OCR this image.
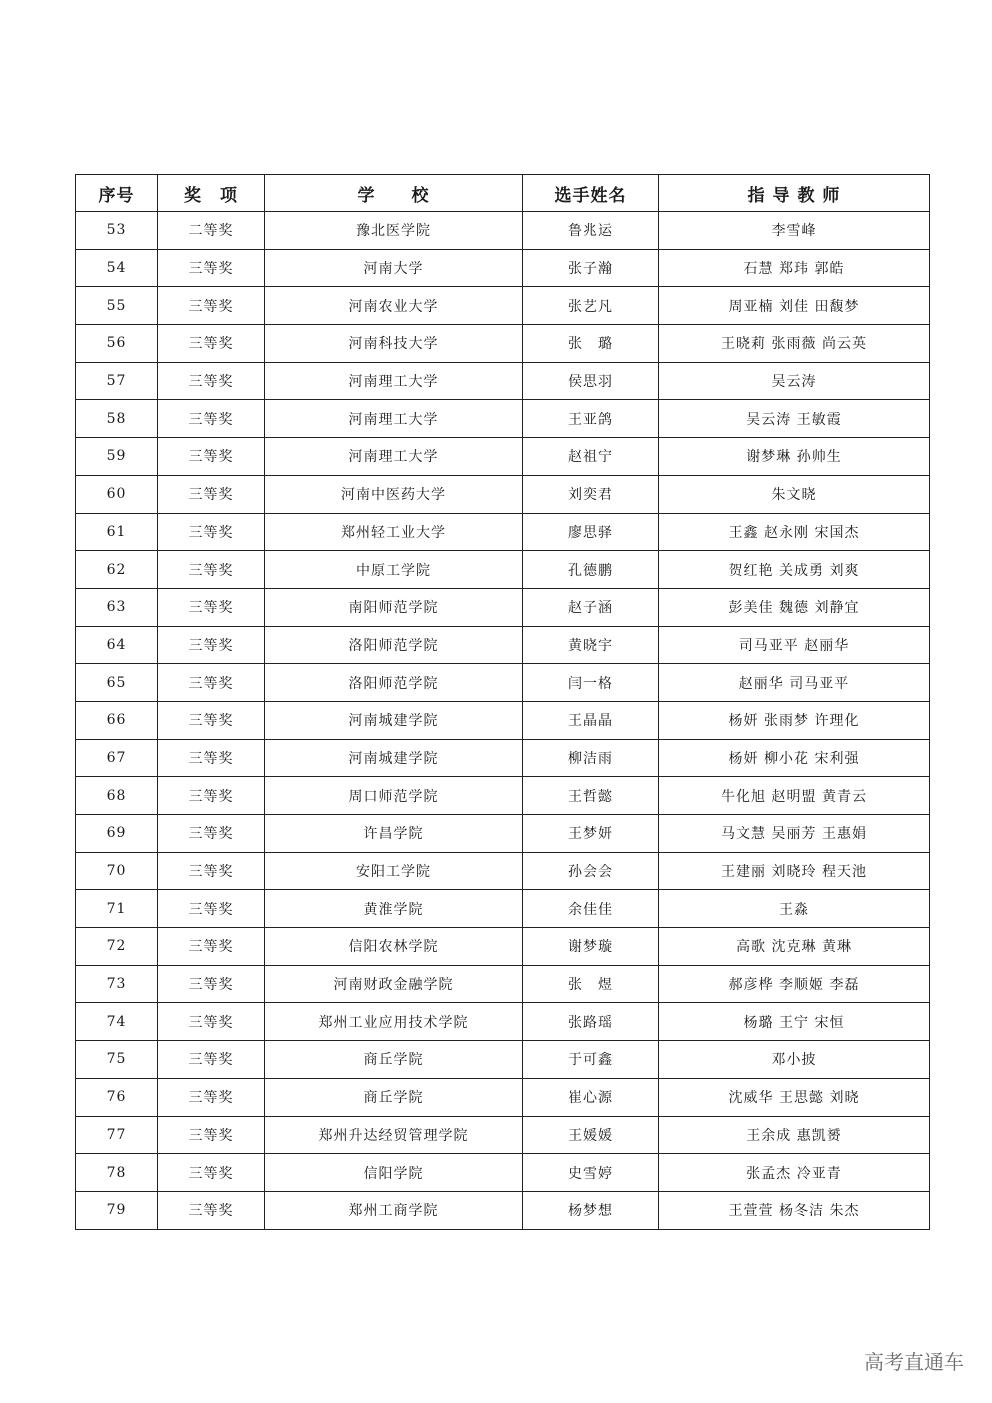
序号	奖　项	学　　校	选手姓名	指 导 教 师
53	二等奖	豫北医学院	鲁兆运	李雪峰
54	三等奖	河南大学	张子瀚	石慧 郑玮 郭皓
55	三等奖	河南农业大学	张艺凡	周亚楠 刘佳 田馥梦
56	三等奖	河南科技大学	张　璐	王晓莉 张雨薇 尚云英
57	三等奖	河南理工大学	侯思羽	吴云涛
58	三等奖	河南理工大学	王亚鸽	吴云涛 王敏霞
59	三等奖	河南理工大学	赵祖宁	谢梦琳 孙帅生
60	三等奖	河南中医药大学	刘奕君	朱文晓
61	三等奖	郑州轻工业大学	廖思驿	王鑫 赵永刚 宋国杰
62	三等奖	中原工学院	孔德鹏	贺红艳 关成勇 刘爽
63	三等奖	南阳师范学院	赵子涵	彭美佳 魏德 刘静宜
64	三等奖	洛阳师范学院	黄晓宇	司马亚平 赵丽华
65	三等奖	洛阳师范学院	闫一格	赵丽华 司马亚平
66	三等奖	河南城建学院	王晶晶	杨妍 张雨梦 许理化
67	三等奖	河南城建学院	柳洁雨	杨妍 柳小花 宋利强
68	三等奖	周口师范学院	王哲懿	牛化旭 赵明盟 黄青云
69	三等奖	许昌学院	王梦妍	马文慧 吴丽芳 王惠娟
70	三等奖	安阳工学院	孙会会	王建丽 刘晓玲 程天池
71	三等奖	黄淮学院	余佳佳	王淼
72	三等奖	信阳农林学院	谢梦璇	高歌 沈克琳 黄琳
73	三等奖	河南财政金融学院	张　煜	郝彦桦 李顺姬 李磊
74	三等奖	郑州工业应用技术学院	张路瑶	杨璐 王宁 宋恒
75	三等奖	商丘学院	于可鑫	邓小披
76	三等奖	商丘学院	崔心源	沈威华 王思懿 刘晓
77	三等奖	郑州升达经贸管理学院	王媛媛	王余成 惠凯赟
78	三等奖	信阳学院	史雪婷	张孟杰 冷亚青
79	三等奖	郑州工商学院	杨梦想	王萱萱 杨冬洁 朱杰
高考直通车
